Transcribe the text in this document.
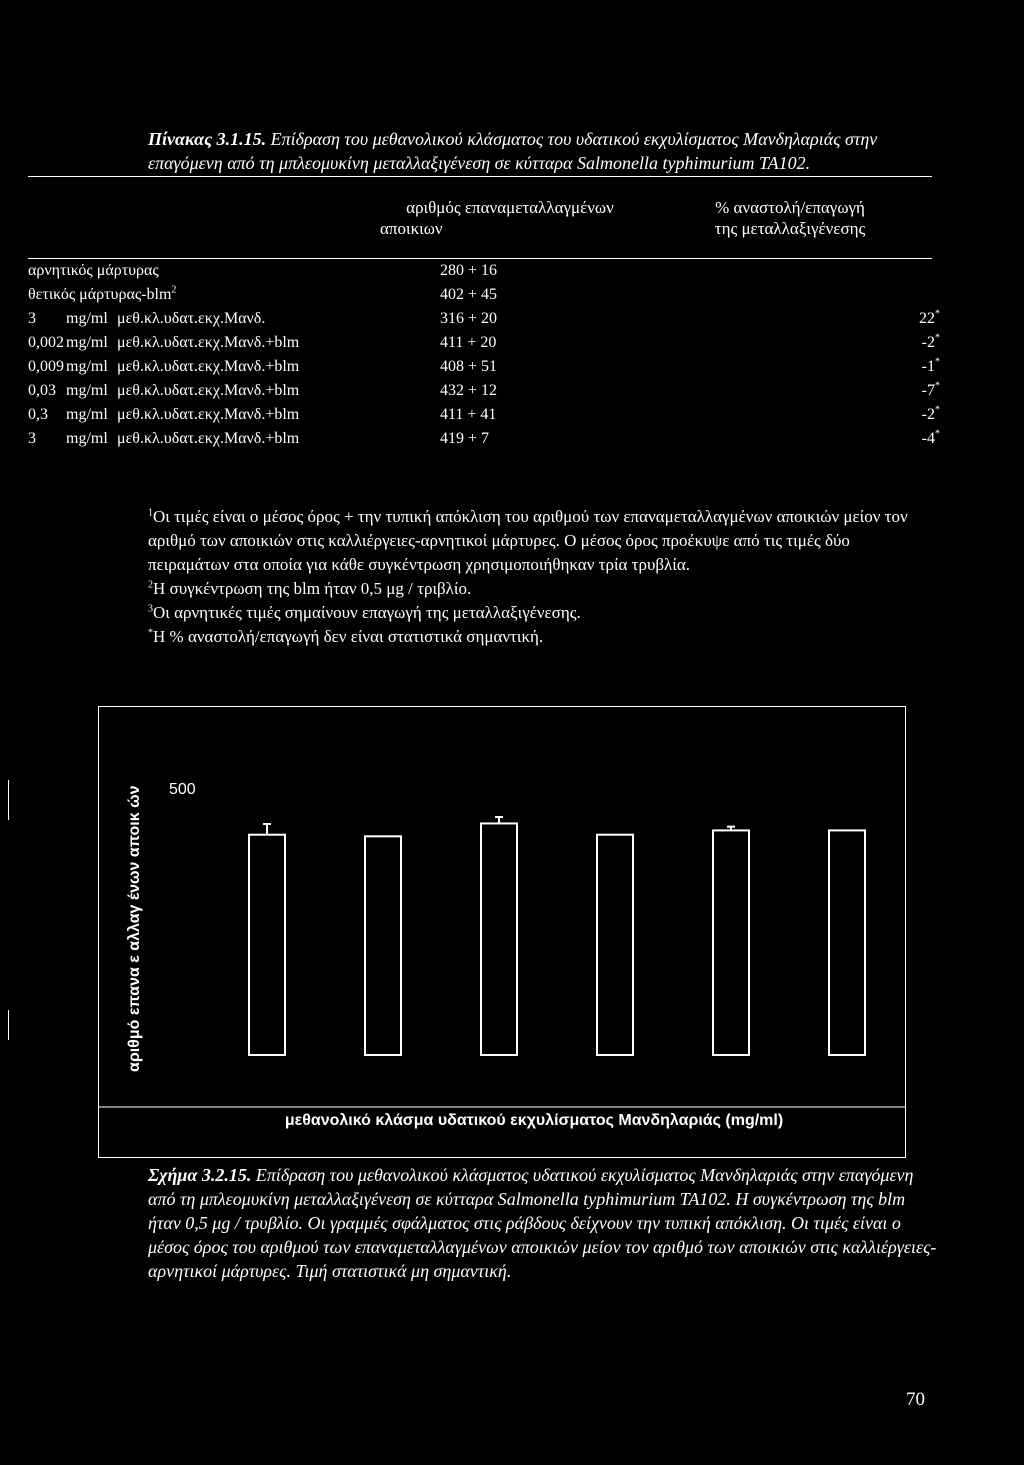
Πίνακας 3.1.15. Επίδραση του μεθανολικού κλάσματος του υδατικού εκχυλίσματος Μανδηλαριάς στην επαγόμενη από τη μπλεομυκίνη μεταλλαξιγένεση σε κύτταρα Salmonella typhimurium TA102.
αριθμός επαναμεταλλαγμένων
αποικιων
% αναστολή/επαγωγή
της μεταλλαξιγένεσης
αρνητικός μάρτυρας	280 + 16
θετικός μάρτυρας-blm$^2$	402 + 45
3 mg/ml μεθ.κλ.υδατ.εκχ.Μανδ.	316 + 20	22*
0,002 mg/ml μεθ.κλ.υδατ.εκχ.Μανδ.+blm	411 + 20	-2*
0,009 mg/ml μεθ.κλ.υδατ.εκχ.Μανδ.+blm	408 + 51	-1*
0,03 mg/ml μεθ.κλ.υδατ.εκχ.Μανδ.+blm	432 + 12	-7*
0,3 mg/ml μεθ.κλ.υδατ.εκχ.Μανδ.+blm	411 + 41	-2*
3 mg/ml μεθ.κλ.υδατ.εκχ.Μανδ.+blm	419 + 7	-4*

$^1$Οι τιμές είναι ο μέσος όρος + την τυπική απόκλιση του αριθμού των επαναμεταλλαγμένων αποικιών μείον τον αριθμό των αποικιών στις καλλιέργειες-αρνητικοί μάρτυρες. Ο μέσος όρος προέκυψε από τις τιμές δύο πειραμάτων στα οποία για κάθε συγκέντρωση χρησιμοποιήθηκαν τρία τρυβλία.

$^2$Η συγκέντρωση της blm ήταν 0,5 μg / τριβλίο.

$^3$Οι αρνητικές τιμές σημαίνουν επαγωγή της μεταλλαξιγένεσης.

*Η % αναστολή/επαγωγή δεν είναι στατιστικά σημαντική.

500
αριθμό επανα ε αλλαγ ένων αποικ ών
μεθανολικό κλάσμα υδατικού εκχυλίσματος Μανδηλαριάς (mg/ml)
Σχήμα 3.2.15. Επίδραση του μεθανολικού κλάσματος υδατικού εκχυλίσματος Μανδηλαριάς στην επαγόμενη από τη μπλεομυκίνη μεταλλαξιγένεση σε κύτταρα Salmonella typhimurium TA102. Η συγκέντρωση της blm ήταν 0,5 μg / τρυβλίο. Οι γραμμές σφάλματος στις ράβδους δείχνουν την τυπική απόκλιση. Οι τιμές είναι ο μέσος όρος του αριθμού των επαναμεταλλαγμένων αποικιών μείον τον αριθμό των αποικιών στις καλλιέργειες-αρνητικοί μάρτυρες. Τιμή στατιστικά μη σημαντική.
70
